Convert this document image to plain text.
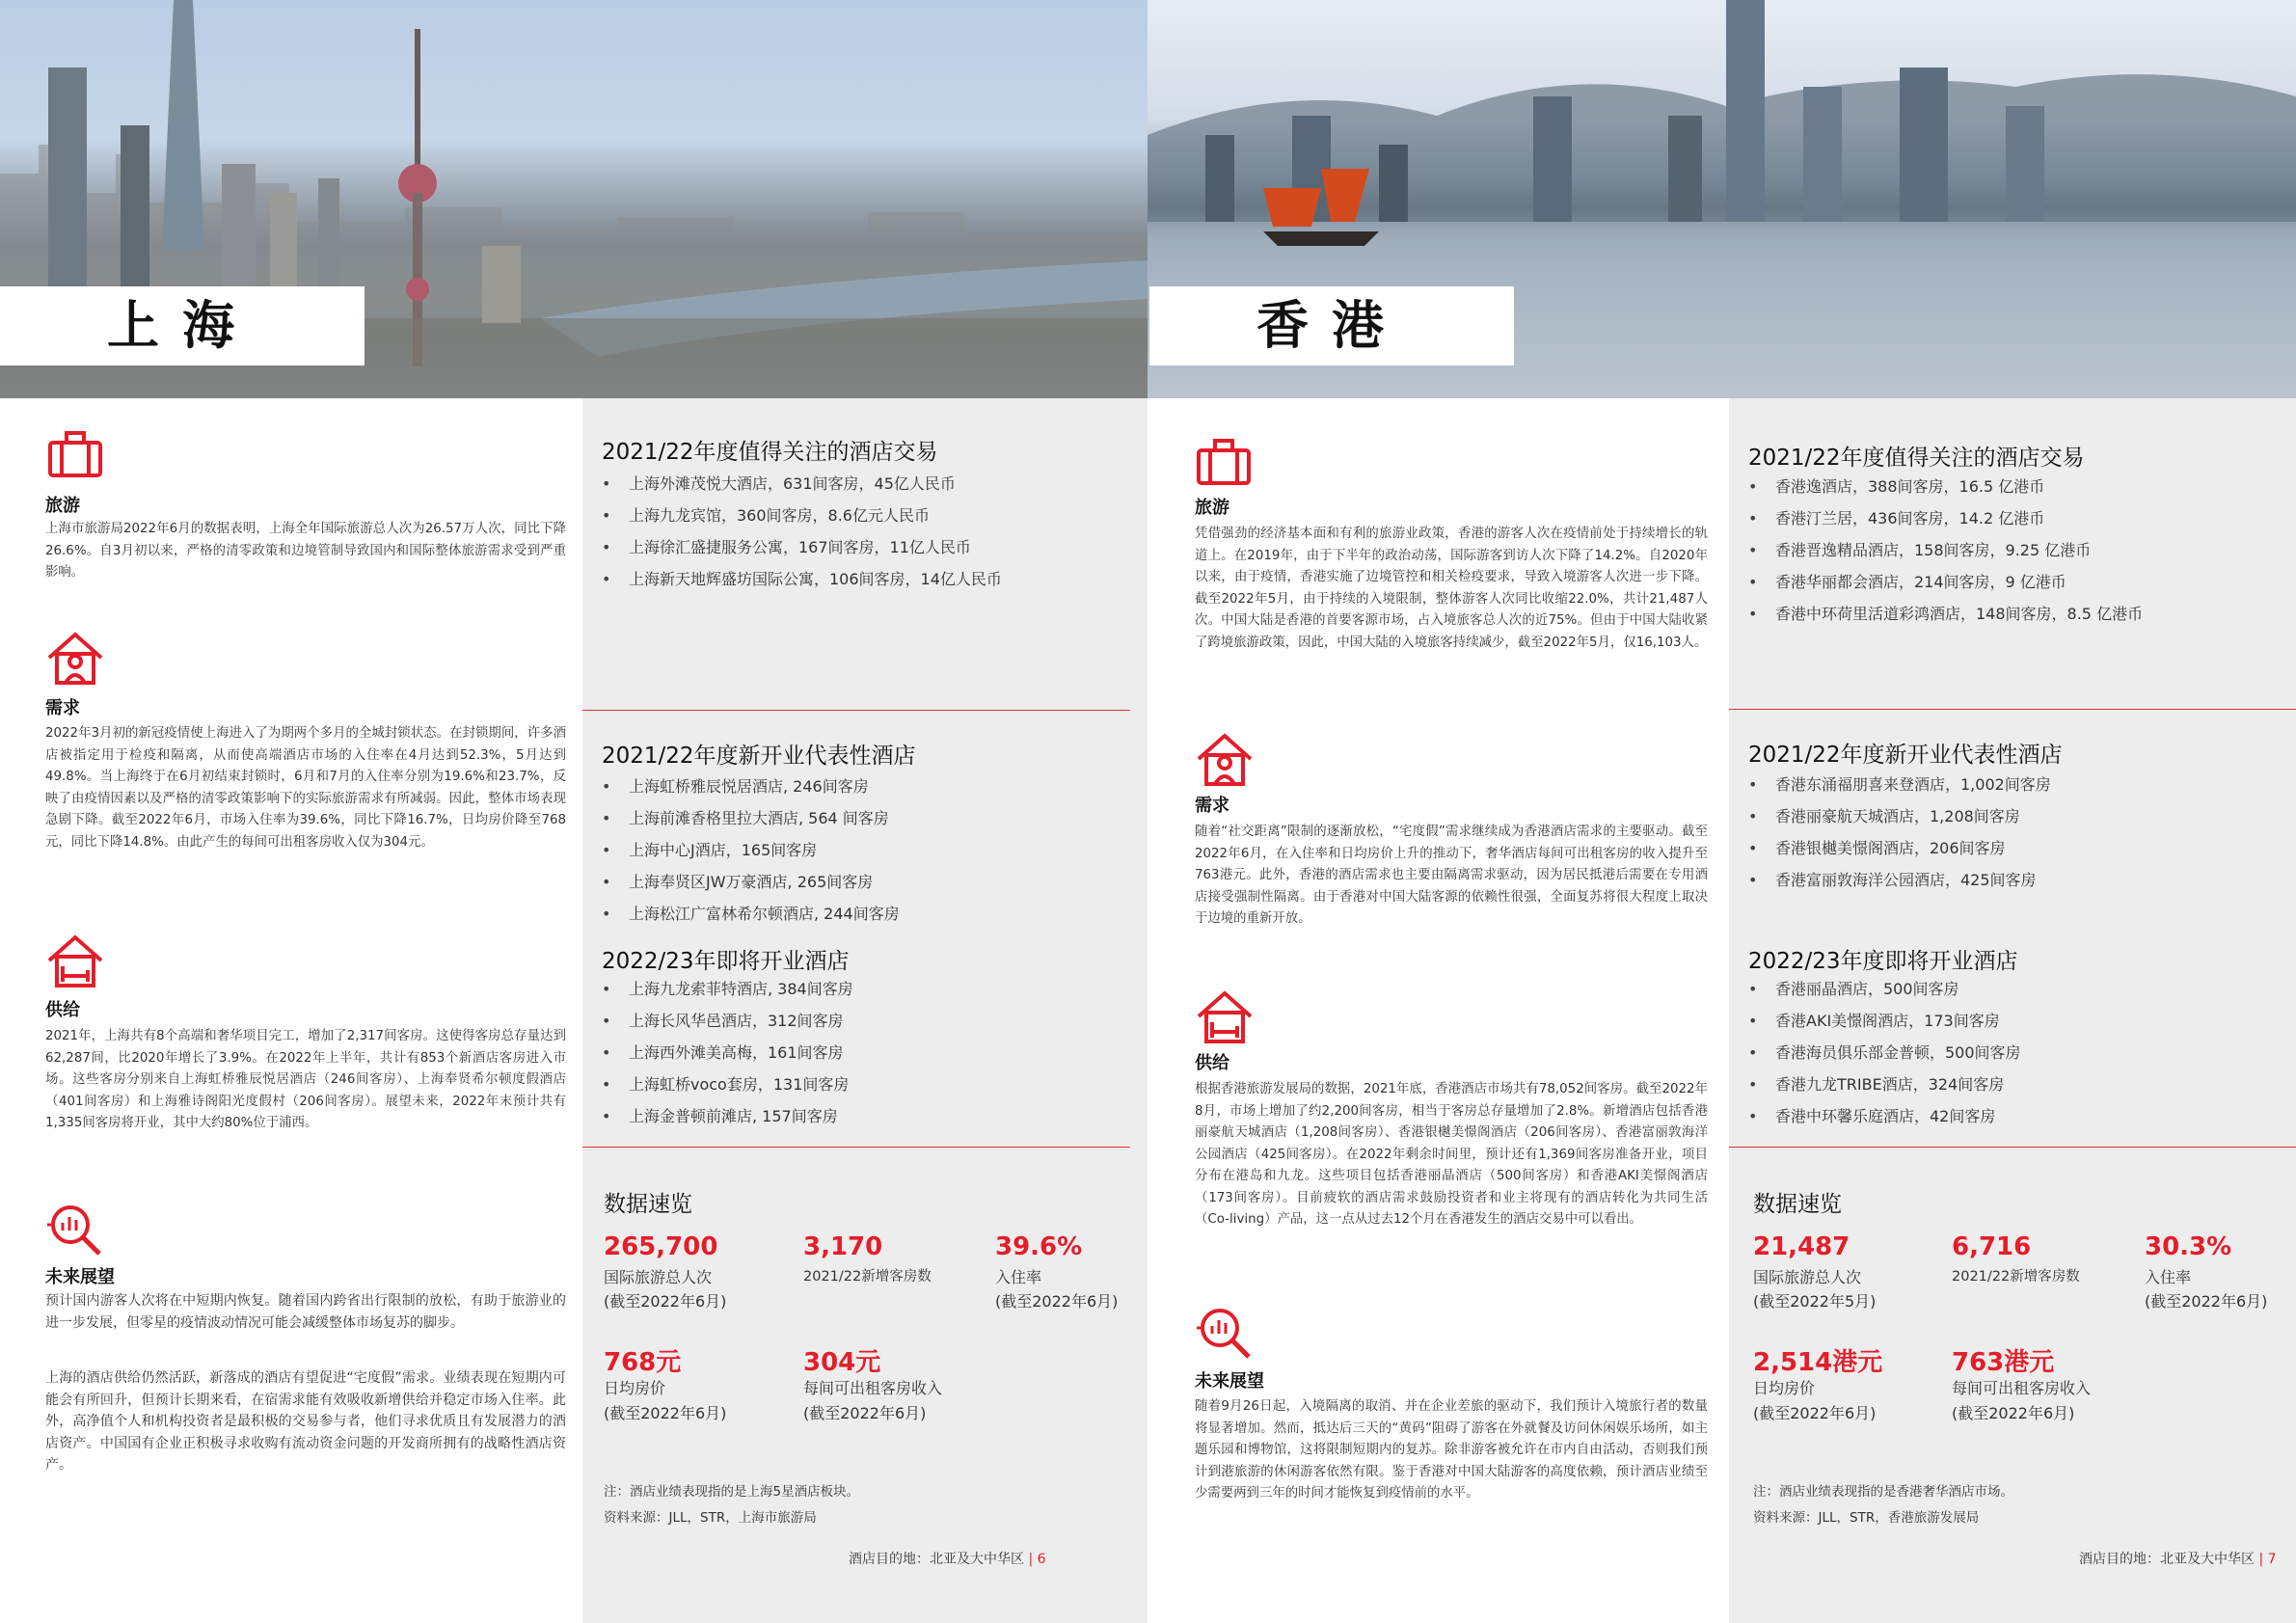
上海
旅游
上海市旅游局2022年6月的数据表明，上海全年国际旅游总人次为26.57万人次，同比下降26.6%。自3月初以来，严格的清零政策和边境管制导致国内和国际整体旅游需求受到严重影响。
需求
2022年3月初的新冠疫情使上海进入了为期两个多月的全城封锁状态。在封锁期间，许多酒店被指定用于检疫和隔离，从而使高端酒店市场的入住率在4月达到52.3%，5月达到49.8%。当上海终于在6月初结束封锁时，6月和7月的入住率分别为19.6%和23.7%，反映了由疫情因素以及严格的清零政策影响下的实际旅游需求有所减弱。因此，整体市场表现急剧下降。截至2022年6月，市场入住率为39.6%，同比下降16.7%，日均房价降至768元，同比下降14.8%。由此产生的每间可出租客房收入仅为304元。
供给
2021年，上海共有8个高端和奢华项目完工，增加了2,317间客房。这使得客房总存量达到62,287间，比2020年增长了3.9%。在2022年上半年，共计有853个新酒店客房进入市场。这些客房分别来自上海虹桥雅辰悦居酒店（246间客房）、上海奉贤希尔顿度假酒店（401间客房）和上海雅诗阁阳光度假村（206间客房）。展望未来，2022年末预计共有1,335间客房将开业，其中大约80%位于浦西。
未来展望
预计国内游客人次将在中短期内恢复。随着国内跨省出行限制的放松，有助于旅游业的进一步发展，但零星的疫情波动情况可能会减缓整体市场复苏的脚步。
上海的酒店供给仍然活跃，新落成的酒店有望促进“宅度假”需求。业绩表现在短期内可能会有所回升，但预计长期来看，在宿需求能有效吸收新增供给并稳定市场入住率。此外，高净值个人和机构投资者是最积极的交易参与者，他们寻求优质且有发展潜力的酒店资产。中国国有企业正积极寻求收购有流动资金问题的开发商所拥有的战略性酒店资产。
2021/22年度值得关注的酒店交易
• 上海外滩茂悦大酒店，631间客房，45亿人民币
• 上海九龙宾馆，360间客房，8.6亿元人民币
• 上海徐汇盛捷服务公寓，167间客房，11亿人民币
• 上海新天地辉盛坊国际公寓，106间客房，14亿人民币
2021/22年度新开业代表性酒店
• 上海虹桥雅辰悦居酒店, 246间客房
• 上海前滩香格里拉大酒店, 564 间客房
• 上海中心J酒店，165间客房
• 上海奉贤区JW万豪酒店, 265间客房
• 上海松江广富林希尔顿酒店, 244间客房
2022/23年即将开业酒店
• 上海九龙索菲特酒店, 384间客房
• 上海长风华邑酒店，312间客房
• 上海西外滩美高梅，161间客房
• 上海虹桥voco套房，131间客房
• 上海金普顿前滩店, 157间客房
数据速览
265,700
国际旅游总人次
(截至2022年6月)
3,170
2021/22新增客房数
39.6%
入住率
(截至2022年6月)
768元
日均房价
(截至2022年6月)
304元
每间可出租客房收入
(截至2022年6月)
注：酒店业绩表现指的是上海5星酒店板块。
资料来源：JLL，STR，上海市旅游局
酒店目的地：北亚及大中华区 | 6
香港
旅游
凭借强劲的经济基本面和有利的旅游业政策，香港的游客人次在疫情前处于持续增长的轨道上。在2019年，由于下半年的政治动荡，国际游客到访人次下降了14.2%。自2020年以来，由于疫情，香港实施了边境管控和相关检疫要求，导致入境游客人次进一步下降。截至2022年5月，由于持续的入境限制，整体游客人次同比收缩22.0%，共计21,487人次。中国大陆是香港的首要客源市场，占入境旅客总人次的近75%。但由于中国大陆收紧了跨境旅游政策，因此，中国大陆的入境旅客持续减少，截至2022年5月，仅16,103人。
需求
随着“社交距离”限制的逐渐放松，“宅度假”需求继续成为香港酒店需求的主要驱动。截至2022年6月，在入住率和日均房价上升的推动下，奢华酒店每间可出租客房的收入提升至763港元。此外，香港的酒店需求也主要由隔离需求驱动，因为居民抵港后需要在专用酒店接受强制性隔离。由于香港对中国大陆客源的依赖性很强，全面复苏将很大程度上取决于边境的重新开放。
供给
根据香港旅游发展局的数据，2021年底，香港酒店市场共有78,052间客房。截至2022年8月，市场上增加了约2,200间客房，相当于客房总存量增加了2.8%。新增酒店包括香港丽豪航天城酒店（1,208间客房）、香港银樾美憬阁酒店（206间客房）、香港富丽敦海洋公园酒店（425间客房）。在2022年剩余时间里，预计还有1,369间客房准备开业，项目分布在港岛和九龙。这些项目包括香港丽晶酒店（500间客房）和香港AKI美憬阁酒店（173间客房）。目前疲软的酒店需求鼓励投资者和业主将现有的酒店转化为共同生活（Co-living）产品，这一点从过去12个月在香港发生的酒店交易中可以看出。
未来展望
随着9月26日起，入境隔离的取消、并在企业差旅的驱动下，我们预计入境旅行者的数量将显著增加。然而，抵达后三天的“黄码”阻碍了游客在外就餐及访问休闲娱乐场所，如主题乐园和博物馆，这将限制短期内的复苏。除非游客被允许在市内自由活动，否则我们预计到港旅游的休闲游客依然有限。鉴于香港对中国大陆游客的高度依赖，预计酒店业绩至少需要两到三年的时间才能恢复到疫情前的水平。
2021/22年度值得关注的酒店交易
• 香港逸酒店，388间客房，16.5 亿港币
• 香港汀兰居，436间客房，14.2 亿港币
• 香港晋逸精品酒店，158间客房，9.25 亿港币
• 香港华丽都会酒店，214间客房，9 亿港币
• 香港中环荷里活道彩鸿酒店，148间客房，8.5 亿港币
2021/22年度新开业代表性酒店
• 香港东涌福朋喜来登酒店，1,002间客房
• 香港丽豪航天城酒店，1,208间客房
• 香港银樾美憬阁酒店，206间客房
• 香港富丽敦海洋公园酒店，425间客房
2022/23年度即将开业酒店
• 香港丽晶酒店，500间客房
• 香港AKI美憬阁酒店，173间客房
• 香港海员俱乐部金普顿，500间客房
• 香港九龙TRIBE酒店，324间客房
• 香港中环馨乐庭酒店，42间客房
数据速览
21,487
国际旅游总人次
(截至2022年5月)
6,716
2021/22新增客房数
30.3%
入住率
(截至2022年6月)
2,514港元
日均房价
(截至2022年6月)
763港元
每间可出租客房收入
(截至2022年6月)
注：酒店业绩表现指的是香港奢华酒店市场。
资料来源：JLL，STR，香港旅游发展局
酒店目的地：北亚及大中华区 | 7
